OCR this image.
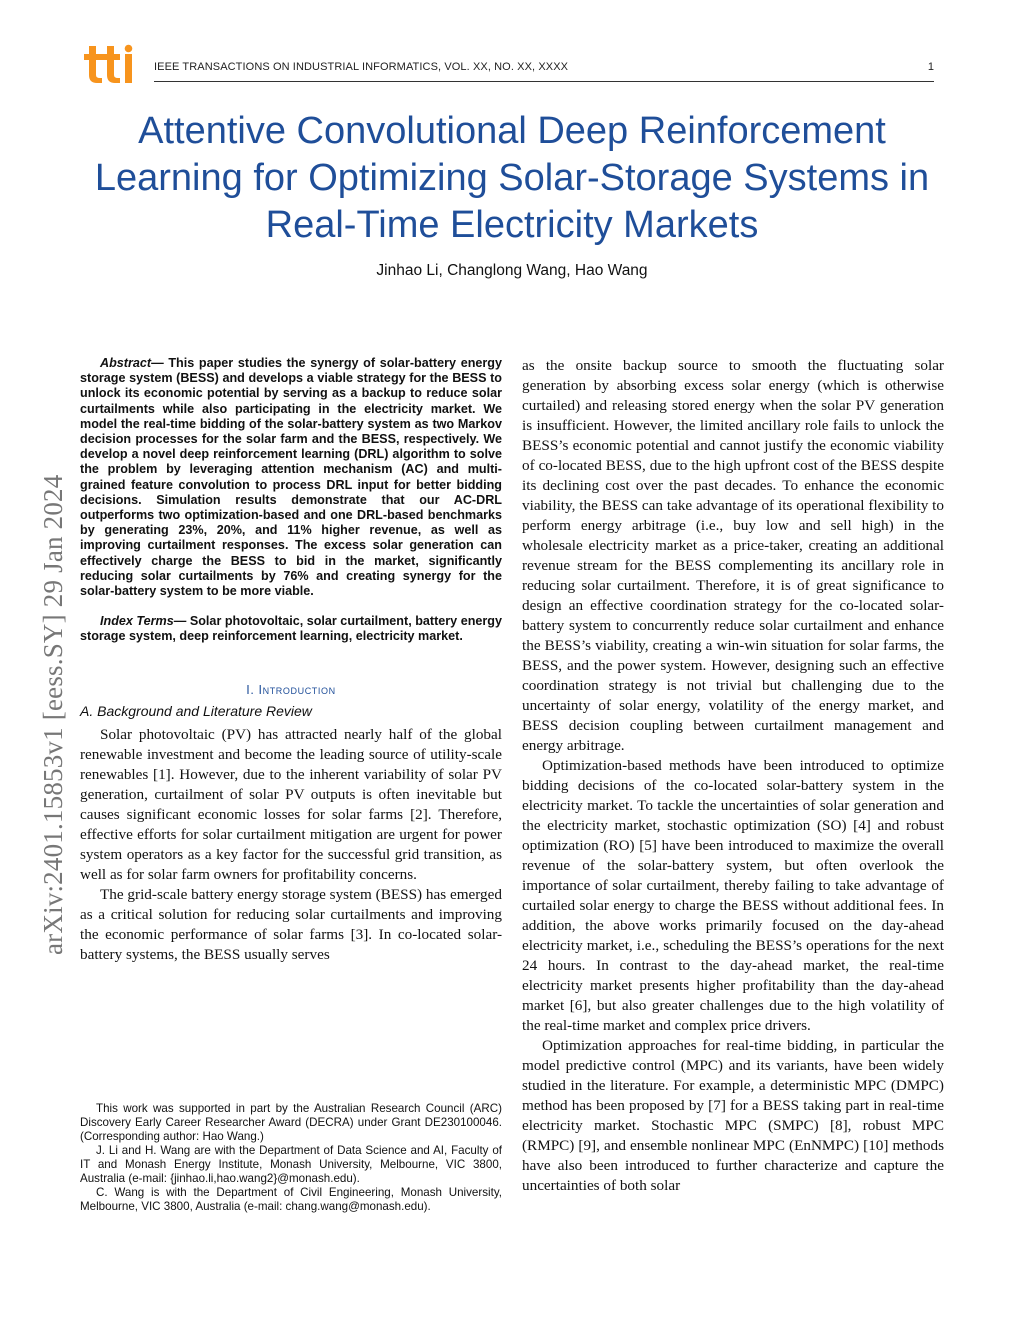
IEEE TRANSACTIONS ON INDUSTRIAL INFORMATICS, VOL. XX, NO. XX, XXXX	1
Attentive Convolutional Deep Reinforcement Learning for Optimizing Solar-Storage Systems in Real-Time Electricity Markets
Jinhao Li, Changlong Wang, Hao Wang
arXiv:2401.15853v1 [eess.SY] 29 Jan 2024

Abstract— This paper studies the synergy of solar-battery energy storage system (BESS) and develops a viable strategy for the BESS to unlock its economic potential by serving as a backup to reduce solar curtailments while also participating in the electricity market. We model the real-time bidding of the solar-battery system as two Markov decision processes for the solar farm and the BESS, respectively. We develop a novel deep reinforcement learning (DRL) algorithm to solve the problem by leveraging attention mechanism (AC) and multi-grained feature convolution to process DRL input for better bidding decisions. Simulation results demonstrate that our AC-DRL outperforms two optimization-based and one DRL-based benchmarks by generating 23%, 20%, and 11% higher revenue, as well as improving curtailment responses. The excess solar generation can effectively charge the BESS to bid in the market, significantly reducing solar curtailments by 76% and creating synergy for the solar-battery system to be more viable.

Index Terms— Solar photovoltaic, solar curtailment, battery energy storage system, deep reinforcement learning, electricity market.

I. Introduction
A. Background and Literature Review

Solar photovoltaic (PV) has attracted nearly half of the global renewable investment and become the leading source of utility-scale renewables [1]. However, due to the inherent variability of solar PV generation, curtailment of solar PV outputs is often inevitable but causes significant economic losses for solar farms [2]. Therefore, effective efforts for solar curtailment mitigation are urgent for power system operators as a key factor for the successful grid transition, as well as for solar farm owners for profitability concerns.

The grid-scale battery energy storage system (BESS) has emerged as a critical solution for reducing solar curtailments and improving the economic performance of solar farms [3]. In co-located solar-battery systems, the BESS usually serves

This work was supported in part by the Australian Research Council (ARC) Discovery Early Career Researcher Award (DECRA) under Grant DE230100046. (Corresponding author: Hao Wang.)

J. Li and H. Wang are with the Department of Data Science and AI, Faculty of IT and Monash Energy Institute, Monash University, Melbourne, VIC 3800, Australia (e-mail: {jinhao.li,hao.wang2}@monash.edu).

C. Wang is with the Department of Civil Engineering, Monash University, Melbourne, VIC 3800, Australia (e-mail: chang.wang@monash.edu).

as the onsite backup source to smooth the fluctuating solar generation by absorbing excess solar energy (which is otherwise curtailed) and releasing stored energy when the solar PV generation is insufficient. However, the limited ancillary role fails to unlock the BESS’s economic potential and cannot justify the economic viability of co-located BESS, due to the high upfront cost of the BESS despite its declining cost over the past decades. To enhance the economic viability, the BESS can take advantage of its operational flexibility to perform energy arbitrage (i.e., buy low and sell high) in the wholesale electricity market as a price-taker, creating an additional revenue stream for the BESS complementing its ancillary role in reducing solar curtailment. Therefore, it is of great significance to design an effective coordination strategy for the co-located solar-battery system to concurrently reduce solar curtailment and enhance the BESS’s viability, creating a win-win situation for solar farms, the BESS, and the power system. However, designing such an effective coordination strategy is not trivial but challenging due to the uncertainty of solar energy, volatility of the energy market, and BESS decision coupling between curtailment management and energy arbitrage.

Optimization-based methods have been introduced to optimize bidding decisions of the co-located solar-battery system in the electricity market. To tackle the uncertainties of solar generation and the electricity market, stochastic optimization (SO) [4] and robust optimization (RO) [5] have been introduced to maximize the overall revenue of the solar-battery system, but often overlook the importance of solar curtailment, thereby failing to take advantage of curtailed solar energy to charge the BESS without additional fees. In addition, the above works primarily focused on the day-ahead electricity market, i.e., scheduling the BESS’s operations for the next 24 hours. In contrast to the day-ahead market, the real-time electricity market presents higher profitability than the day-ahead market [6], but also greater challenges due to the high volatility of the real-time market and complex price drivers.

Optimization approaches for real-time bidding, in particular the model predictive control (MPC) and its variants, have been widely studied in the literature. For example, a deterministic MPC (DMPC) method has been proposed by [7] for a BESS taking part in real-time electricity market. Stochastic MPC (SMPC) [8], robust MPC (RMPC) [9], and ensemble nonlinear MPC (EnNMPC) [10] methods have also been introduced to further characterize and capture the uncertainties of both solar
